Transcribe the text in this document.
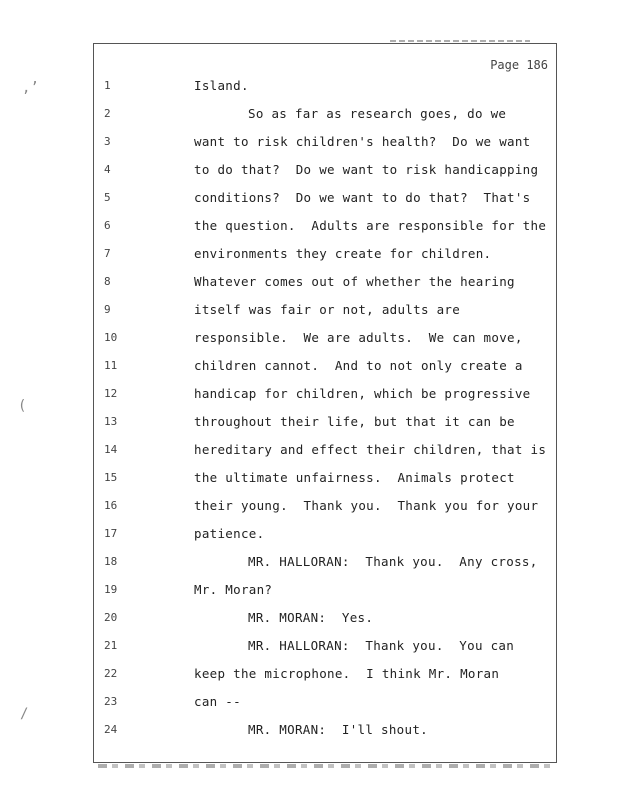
Page 186
1	Island.
2	So as far as research goes, do we
3	want to risk children's health?  Do we want
4	to do that?  Do we want to risk handicapping
5	conditions?  Do we want to do that?  That's
6	the question.  Adults are responsible for the
7	environments they create for children.
8	Whatever comes out of whether the hearing
9	itself was fair or not, adults are
10	responsible.  We are adults.  We can move,
11	children cannot.  And to not only create a
12	handicap for children, which be progressive
13	throughout their life, but that it can be
14	hereditary and effect their children, that is
15	the ultimate unfairness.  Animals protect
16	their young.  Thank you.  Thank you for your
17	patience.
18	MR. HALLORAN:  Thank you.  Any cross,
19	Mr. Moran?
20	MR. MORAN:  Yes.
21	MR. HALLORAN:  Thank you.  You can
22	keep the microphone.  I think Mr. Moran
23	can --
24	MR. MORAN:  I'll shout.
,’
(
/
